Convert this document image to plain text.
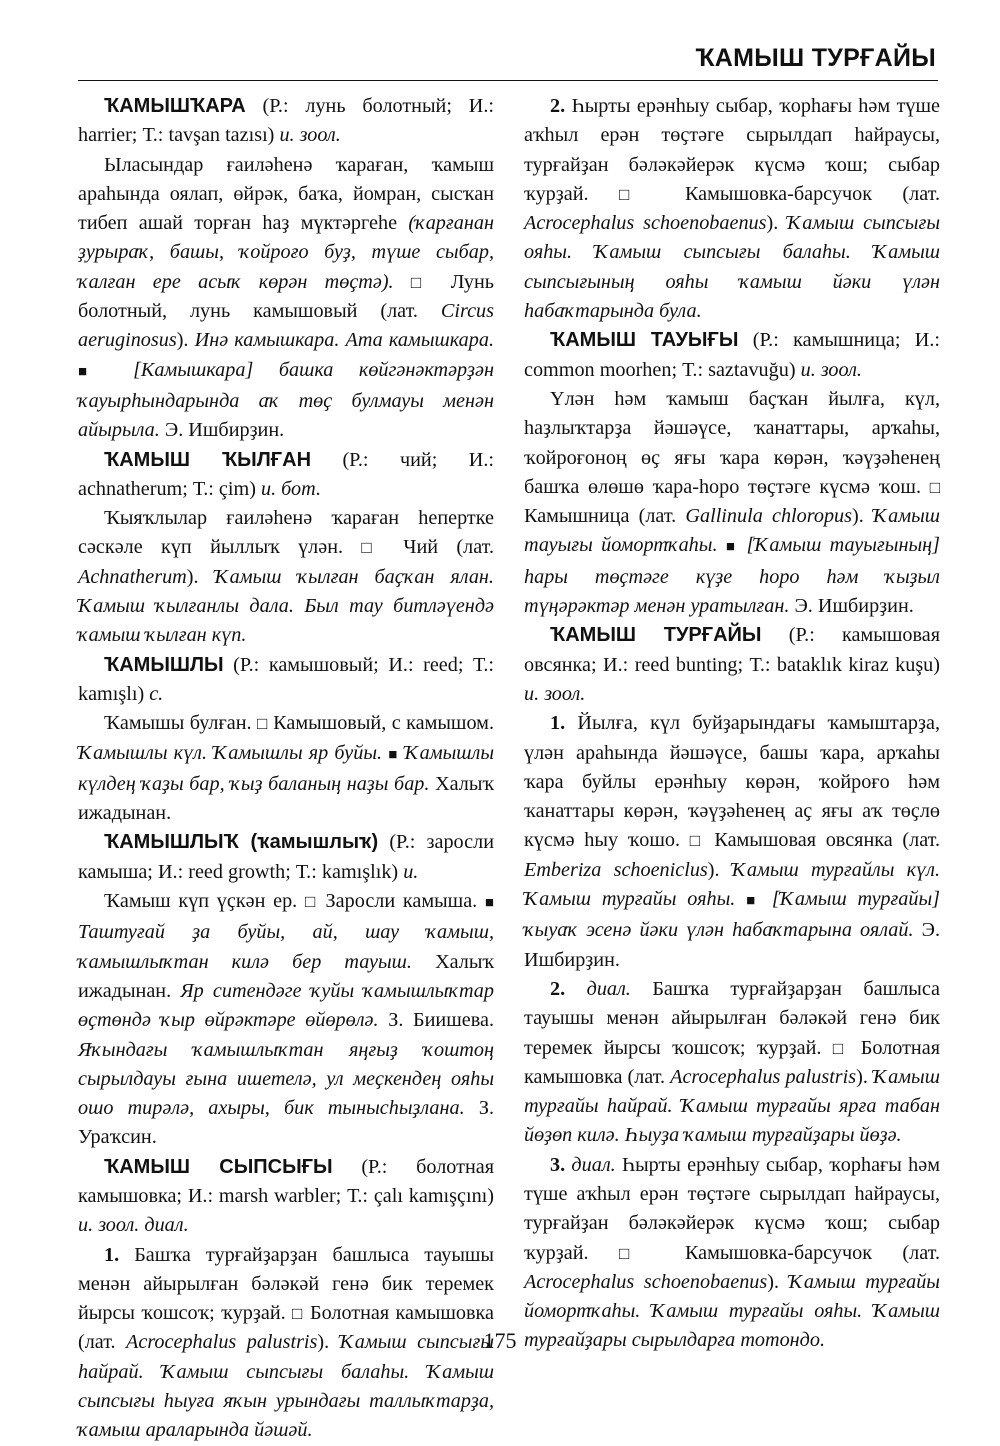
ҠАМЫШ ТУРҒАЙЫ

ҠАМЫШҠАРА (Р.: лунь болотный; И.: harrier; Т.: tavşan tazısı) и. зоол.

Ыласындар ғаиләһенә ҡараған, ҡамыш араһында оялап, өйрәк, баҡа, йомран, сысҡан тибеп ашай торған һаҙ мүктәргеһе (ҡарғанан ҙурыраҡ, башы, ҡойроғо буҙ, түше сыбар, ҡалған ере асыҡ көрән төҫтә). □ Лунь болотный, лунь камышовый (лат. Circus aeruginosus). Инә камышкара. Ата камышкара. ■ [Камышкара] башка көйгәнәктәрҙән ҡауырһындарында аҡ төҫ булмауы менән айырыла. Э. Ишбирҙин.

ҠАМЫШ ҠЫЛҒАН (Р.: чий; И.: achnatherum; Т.: çim) и. бот.

Ҡыяҡлылар ғаиләһенә ҡараған һепертке сәскәле күп йыллыҡ үлән. □ Чий (лат. Achnatherum). Ҡамыш ҡылған баҫҡан ялан. Ҡамыш ҡылғанлы дала. Был тау битләүендә ҡамыш ҡылған күп.

ҠАМЫШЛЫ (Р.: камышовый; И.: reed; Т.: kamışlı) с.

Ҡамышы булған. □ Камышовый, с камышом. Ҡамышлы күл. Ҡамышлы яр буйы. ■ Ҡамышлы күлдең ҡаҙы бар, ҡыҙ баланың наҙы бар. Халыҡ ижадынан.

ҠАМЫШЛЫҠ (ҡамышлыҡ) (Р.: заросли камыша; И.: reed growth; Т.: kamışlık) и.

Ҡамыш күп үҫкән ер. □ Заросли камыша. ■ Таштуғай ҙа буйы, ай, шау ҡамыш, ҡамышлыҡтан килә бер тауыш. Халыҡ ижадынан. Яр ситендәге ҡуйы ҡамышлыҡтар өҫтөндә ҡыр өйрәктәре өйөрөлә. З. Биишева. Яҡындағы ҡамышлыҡтан яңғыҙ ҡоштоң сырылдауы ғына ишетелә, ул меҫкендең ояһы ошо тирәлә, ахыры, бик тынысһыҙлана. З. Ураҡсин.

ҠАМЫШ СЫПСЫҒЫ (Р.: болотная камышовка; И.: marsh warbler; Т.: çalı kamışçını) и. зоол. диал.

1. Башҡа турғайҙарҙан башлыса тауышы менән айырылған бәләкәй генә бик теремек йырсы ҡошсоҡ; ҡурҙай. □ Болотная камышовка (лат. Acrocephalus palustris). Ҡамыш сыпсығы һайрай. Ҡамыш сыпсығы балаһы. Ҡамыш сыпсығы һыуға яҡын урындағы таллыҡтарҙа, ҡамыш араларында йәшәй.

2. Һырты ерәнһыу сыбар, ҡорһағы һәм түше аҡһыл ерән төҫтәге сырылдап һайраусы, турғайҙан бәләкәйерәк күсмә ҡош; сыбар ҡурҙай. □ Камышовка-барсучок (лат. Acrocephalus schoenobaenus). Ҡамыш сыпсығы ояһы. Ҡамыш сыпсығы балаһы. Ҡамыш сыпсығының ояһы ҡамыш йәки үлән һабаҡтарында була.

ҠАМЫШ ТАУЫҒЫ (Р.: камышница; И.: common moorhen; Т.: saztavuğu) и. зоол.

Үлән һәм ҡамыш баҫҡан йылға, күл, һаҙлыҡтарҙа йәшәүсе, ҡанаттары, арҡаһы, ҡойроғоноң өҫ яғы ҡара көрән, ҡәүҙәһенең башҡа өлөшө ҡара-һоро төҫтәге күсмә ҡош. □ Камышница (лат. Gallinula chloropus). Ҡамыш тауығы йомортҡаһы. ■ [Ҡамыш тауығының] һары төҫтәге күҙе һоро һәм ҡыҙыл түңәрәктәр менән уратылған. Э. Ишбирҙин.

ҠАМЫШ ТУРҒАЙЫ (Р.: камышовая овсянка; И.: reed bunting; Т.: bataklık kiraz kuşu) и. зоол.

1. Йылға, күл буйҙарындағы ҡамыштарҙа, үлән араһында йәшәүсе, башы ҡара, арҡаһы ҡара буйлы ерәнһыу көрән, ҡойроғо һәм ҡанаттары көрән, ҡәүҙәһенең аҫ яғы аҡ төҫлө күсмә һыу ҡошо. □ Камышовая овсянка (лат. Emberiza schoeniclus). Ҡамыш турғайлы күл. Ҡамыш турғайы ояһы. ■ [Ҡамыш турғайы] ҡыуаҡ эсенә йәки үлән һабаҡтарына оялай. Э. Ишбирҙин.

2. диал. Башҡа турғайҙарҙан башлыса тауышы менән айырылған бәләкәй генә бик теремек йырсы ҡошсоҡ; ҡурҙай. □ Болотная камышовка (лат. Acrocephalus palustris). Ҡамыш турғайы һайрай. Ҡамыш турғайы ярға табан йөҙөп килә. Һыуҙа ҡамыш турғайҙары йөҙә.

3. диал. Һырты ерәнһыу сыбар, ҡорһағы һәм түше аҡһыл ерән төҫтәге сырылдап һайраусы, турғайҙан бәләкәйерәк күсмә ҡош; сыбар ҡурҙай. □ Камышовка-барсучок (лат. Acrocephalus schoenobaenus). Ҡамыш турғайы йомортҡаһы. Ҡамыш турғайы ояһы. Ҡамыш турғайҙары сырылдарға тотондо.

175
